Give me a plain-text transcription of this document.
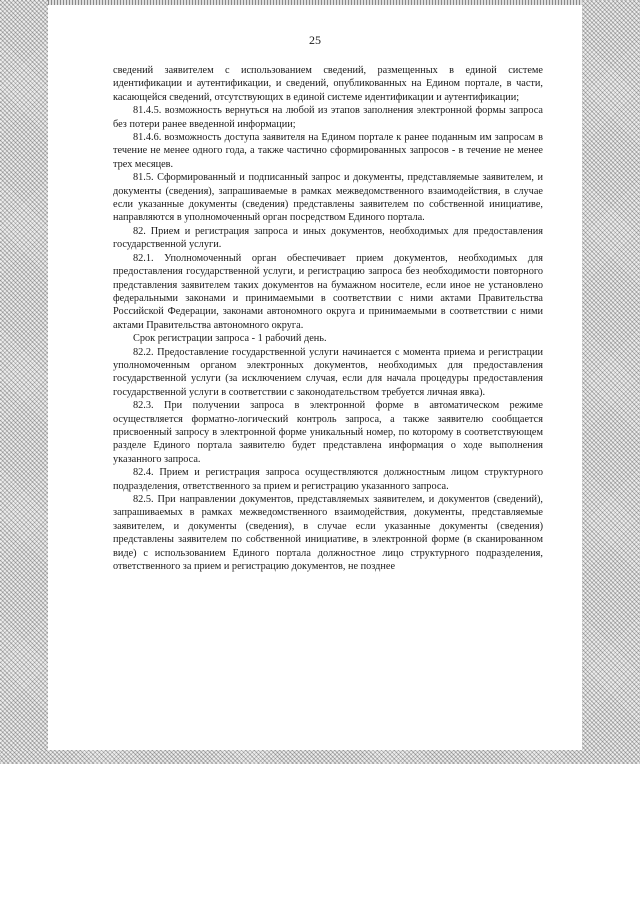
25

сведений заявителем с использованием сведений, размещенных в единой системе идентификации и аутентификации, и сведений, опубликованных на Едином портале, в части, касающейся сведений, отсутствующих в единой системе идентификации и аутентификации;

81.4.5. возможность вернуться на любой из этапов заполнения электронной формы запроса без потери ранее введенной информации;

81.4.6. возможность доступа заявителя на Едином портале к ранее поданным им запросам в течение не менее одного года, а также частично сформированных запросов - в течение не менее трех месяцев.

81.5. Сформированный и подписанный запрос и документы, представляемые заявителем, и документы (сведения), запрашиваемые в рамках межведомственного взаимодействия, в случае если указанные документы (сведения) представлены заявителем по собственной инициативе, направляются в уполномоченный орган посредством Единого портала.

82. Прием и регистрация запроса и иных документов, необходимых для предоставления государственной услуги.

82.1. Уполномоченный орган обеспечивает прием документов, необходимых для предоставления государственной услуги, и регистрацию запроса без необходимости повторного представления заявителем таких документов на бумажном носителе, если иное не установлено федеральными законами и принимаемыми в соответствии с ними актами Правительства Российской Федерации, законами автономного округа и принимаемыми в соответствии с ними актами Правительства автономного округа.

Срок регистрации запроса - 1 рабочий день.

82.2. Предоставление государственной услуги начинается с момента приема и регистрации уполномоченным органом электронных документов, необходимых для предоставления государственной услуги (за исключением случая, если для начала процедуры предоставления государственной услуги в соответствии с законодательством требуется личная явка).

82.3. При получении запроса в электронной форме в автоматическом режиме осуществляется форматно-логический контроль запроса, а также заявителю сообщается присвоенный запросу в электронной форме уникальный номер, по которому в соответствующем разделе Единого портала заявителю будет представлена информация о ходе выполнения указанного запроса.

82.4. Прием и регистрация запроса осуществляются должностным лицом структурного подразделения, ответственного за прием и регистрацию указанного запроса.

82.5. При направлении документов, представляемых заявителем, и документов (сведений), запрашиваемых в рамках межведомственного взаимодействия, документы, представляемые заявителем, и документы (сведения), в случае если указанные документы (сведения) представлены заявителем по собственной инициативе, в электронной форме (в сканированном виде) с использованием Единого портала должностное лицо структурного подразделения, ответственного за прием и регистрацию документов, не позднее
